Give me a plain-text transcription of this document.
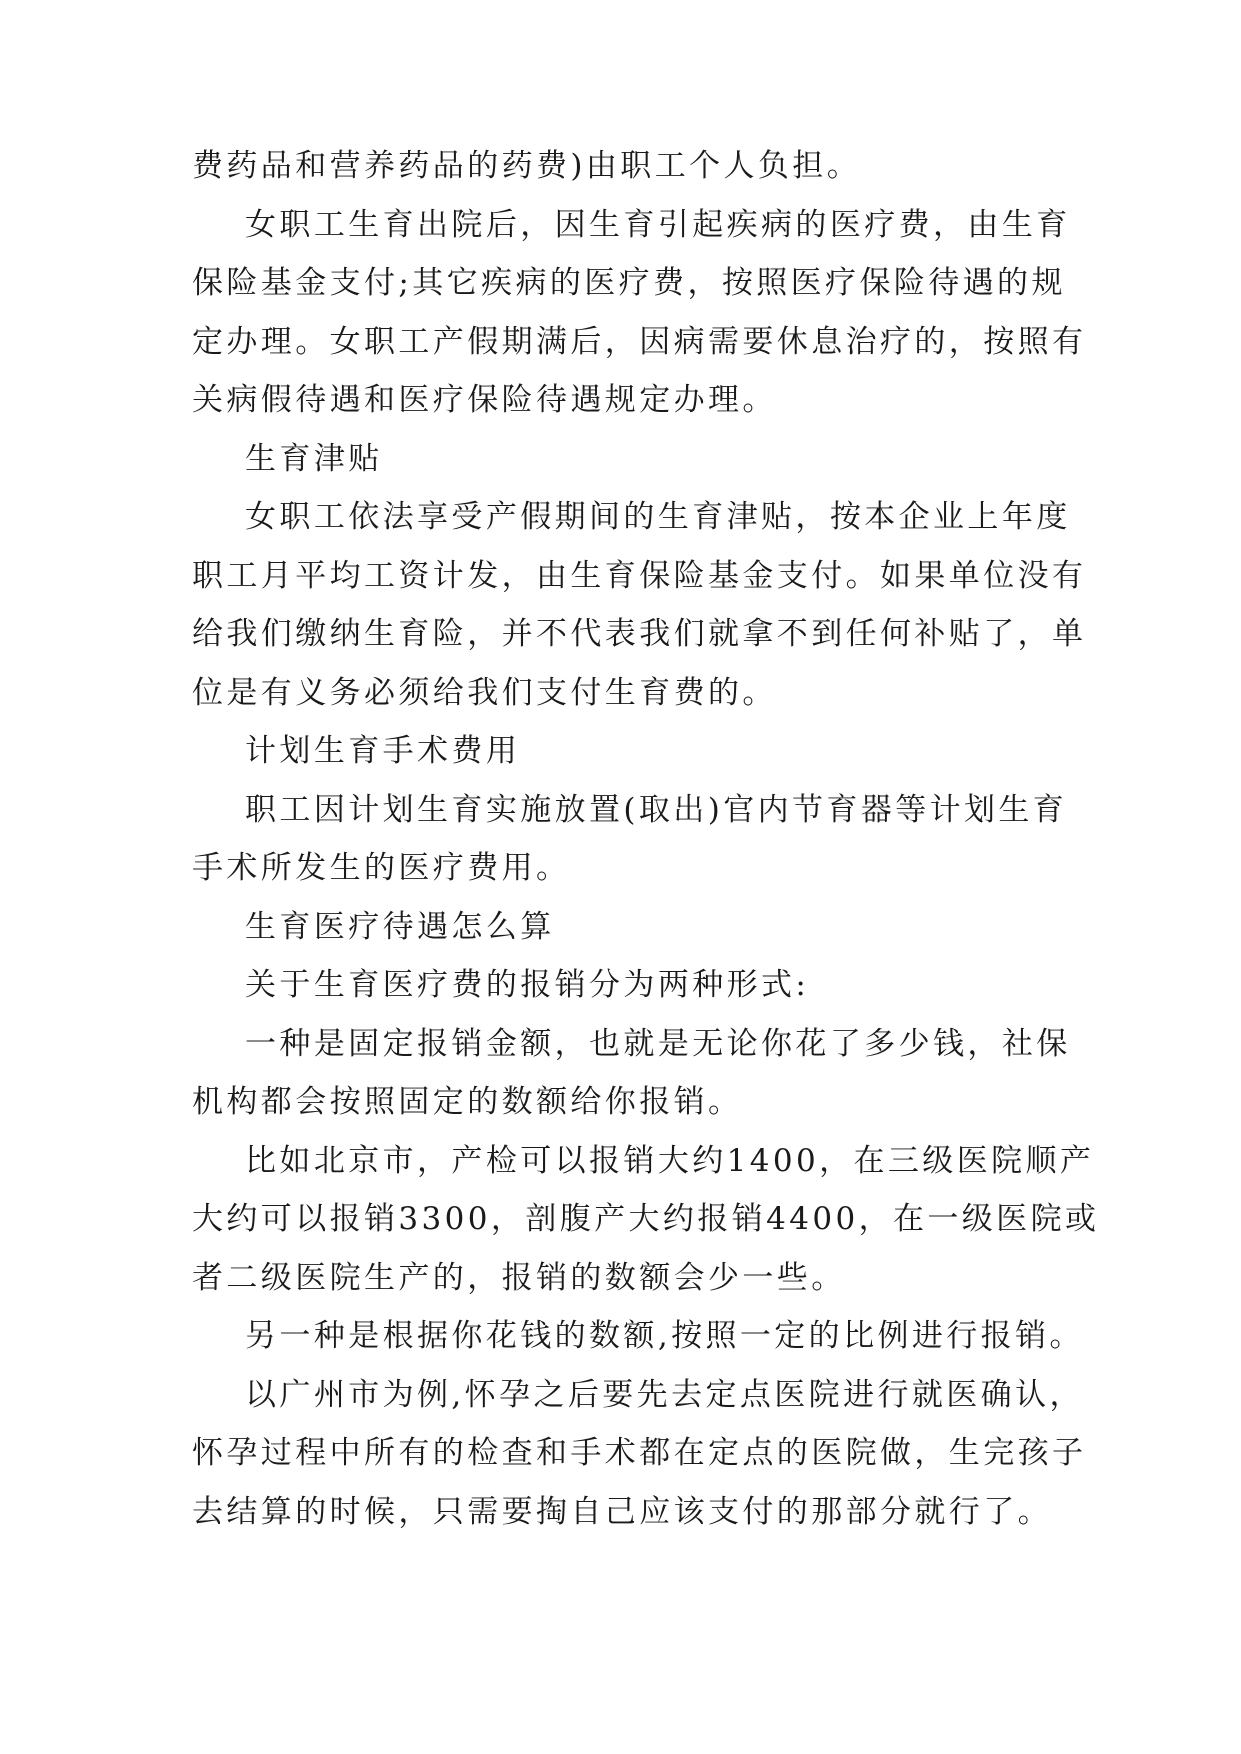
费药品和营养药品的药费)由职工个人负担。
女职工生育出院后，因生育引起疾病的医疗费，由生育
保险基金支付;其它疾病的医疗费，按照医疗保险待遇的规
定办理。女职工产假期满后，因病需要休息治疗的，按照有
关病假待遇和医疗保险待遇规定办理。
生育津贴
女职工依法享受产假期间的生育津贴，按本企业上年度
职工月平均工资计发，由生育保险基金支付。如果单位没有
给我们缴纳生育险，并不代表我们就拿不到任何补贴了，单
位是有义务必须给我们支付生育费的。
计划生育手术费用
职工因计划生育实施放置(取出)官内节育器等计划生育
手术所发生的医疗费用。
生育医疗待遇怎么算
关于生育医疗费的报销分为两种形式:
一种是固定报销金额，也就是无论你花了多少钱，社保
机构都会按照固定的数额给你报销。
比如北京市，产检可以报销大约1400，在三级医院顺产
大约可以报销3300，剖腹产大约报销4400，在一级医院或
者二级医院生产的，报销的数额会少一些。
另一种是根据你花钱的数额,按照一定的比例进行报销。
以广州市为例,怀孕之后要先去定点医院进行就医确认，
怀孕过程中所有的检查和手术都在定点的医院做，生完孩子
去结算的时候，只需要掏自己应该支付的那部分就行了。
